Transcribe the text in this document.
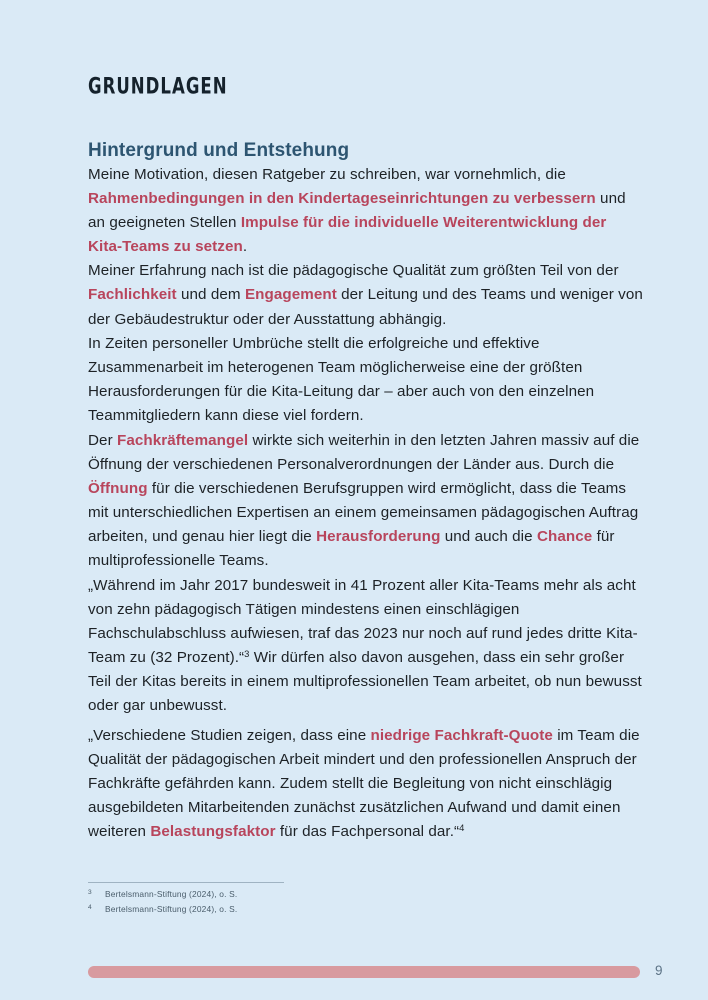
GRUNDLAGEN
Hintergrund und Entstehung
Meine Motivation, diesen Ratgeber zu schreiben, war vornehmlich, die Rahmenbedingungen in den Kindertageseinrichtungen zu verbessern und an geeigneten Stellen Impulse für die individuelle Weiterentwicklung der Kita-Teams zu setzen.
Meiner Erfahrung nach ist die pädagogische Qualität zum größten Teil von der Fachlichkeit und dem Engagement der Leitung und des Teams und weniger von der Gebäudestruktur oder der Ausstattung abhängig.
In Zeiten personeller Umbrüche stellt die erfolgreiche und effektive Zusammenarbeit im heterogenen Team möglicherweise eine der größten Herausforderungen für die Kita-Leitung dar – aber auch von den einzelnen Teammitgliedern kann diese viel fordern.
Der Fachkräftemangel wirkte sich weiterhin in den letzten Jahren massiv auf die Öffnung der verschiedenen Personalverordnungen der Länder aus. Durch die Öffnung für die verschiedenen Berufsgruppen wird ermöglicht, dass die Teams mit unterschiedlichen Expertisen an einem gemeinsamen pädagogischen Auftrag arbeiten, und genau hier liegt die Herausforderung und auch die Chance für multiprofessionelle Teams.
„Während im Jahr 2017 bundesweit in 41 Prozent aller Kita-Teams mehr als acht von zehn pädagogisch Tätigen mindestens einen einschlägigen Fachschulabschluss aufwiesen, traf das 2023 nur noch auf rund jedes dritte Kita-Team zu (32 Prozent).“$^3$ Wir dürfen also davon ausgehen, dass ein sehr großer Teil der Kitas bereits in einem multiprofessionellen Team arbeitet, ob nun bewusst oder gar unbewusst.
„Verschiedene Studien zeigen, dass eine niedrige Fachkraft-Quote im Team die Qualität der pädagogischen Arbeit mindert und den professionellen Anspruch der Fachkräfte gefährden kann. Zudem stellt die Begleitung von nicht einschlägig ausgebildeten Mitarbeitenden zunächst zusätzlichen Aufwand und damit einen weiteren Belastungsfaktor für das Fachpersonal dar.“$^4$
3	Bertelsmann-Stiftung (2024), o. S.
4	Bertelsmann-Stiftung (2024), o. S.
9
